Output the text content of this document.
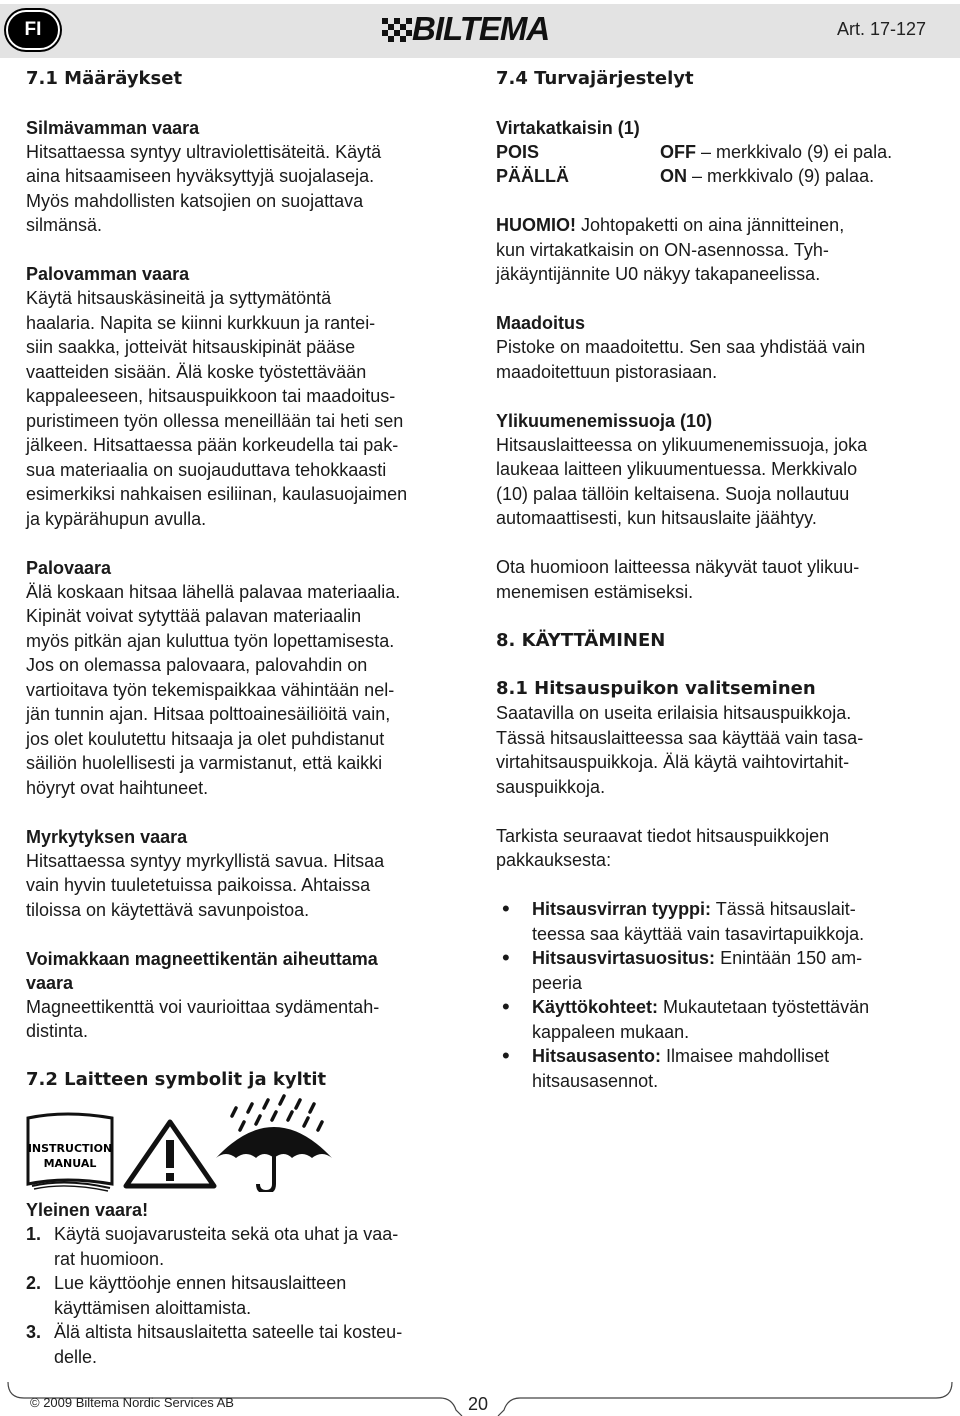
FI	BILTEMA	Art. 17-127
7.1 Määräykset
Silmävamman vaara

Hitsattaessa syntyy ultraviolettisäteitä. Käytä

aina hitsaamiseen hyväksyttyjä suojalaseja.

Myös mahdollisten katsojien on suojattava

silmänsä.

Palovamman vaara

Käytä hitsauskäsineitä ja syttymätöntä

haalaria. Napita se kiinni kurkkuun ja rantei-

siin saakka, jotteivät hitsauskipinät pääse

vaatteiden sisään. Älä koske työstettävään

kappaleeseen, hitsauspuikkoon tai maadoitus-

puristimeen työn ollessa meneillään tai heti sen

jälkeen. Hitsattaessa pään korkeudella tai pak-

sua materiaalia on suojauduttava tehokkaasti

esimerkiksi nahkaisen esiliinan, kaulasuojaimen

ja kypärähupun avulla.

Palovaara

Älä koskaan hitsaa lähellä palavaa materiaalia.

Kipinät voivat sytyttää palavan materiaalin

myös pitkän ajan kuluttua työn lopettamisesta.

Jos on olemassa palovaara, palovahdin on

vartioitava työn tekemispaikkaa vähintään nel-

jän tunnin ajan. Hitsaa polttoainesäiliöitä vain,

jos olet koulutettu hitsaaja ja olet puhdistanut

säiliön huolellisesti ja varmistanut, että kaikki

höyryt ovat haihtuneet.

Myrkytyksen vaara

Hitsattaessa syntyy myrkyllistä savua. Hitsaa

vain hyvin tuuletetuissa paikoissa. Ahtaissa

tiloissa on käytettävä savunpoistoa.

Voimakkaan magneettikentän aiheuttama
vaara

Magneettikenttä voi vaurioittaa sydämentah-

distinta.

7.2 Laitteen symbolit ja kyltit
INSTRUCTION
MANUAL
Yleinen vaara!
1. Käytä suojavarusteita sekä ota uhat ja vaa-
rat huomioon.
2. Lue käyttöohje ennen hitsauslaitteen
käyttämisen aloittamista.
3. Älä altista hitsauslaitetta sateelle tai kosteu-
delle.
7.4 Turvajärjestelyt
Virtakatkaisin (1)
POIS	OFF – merkkivalo (9) ei pala.
PÄÄLLÄ	ON – merkkivalo (9) palaa.

HUOMIO! Johtopaketti on aina jännitteinen,

kun virtakatkaisin on ON-asennossa. Tyh-

jäkäyntijännite U0 näkyy takapaneelissa.

Maadoitus

Pistoke on maadoitettu. Sen saa yhdistää vain

maadoitettuun pistorasiaan.

Ylikuumenemissuoja (10)

Hitsauslaitteessa on ylikuumenemissuoja, joka

laukeaa laitteen ylikuumentuessa. Merkkivalo

(10) palaa tällöin keltaisena. Suoja nollautuu

automaattisesti, kun hitsauslaite jäähtyy.

Ota huomioon laitteessa näkyvät tauot ylikuu-

menemisen estämiseksi.

8. KÄYTTÄMINEN
8.1 Hitsauspuikon valitseminen

Saatavilla on useita erilaisia hitsauspuikkoja.

Tässä hitsauslaitteessa saa käyttää vain tasa-

virtahitsauspuikkoja. Älä käytä vaihtovirtahit-

sauspuikkoja.

Tarkista seuraavat tiedot hitsauspuikkojen

pakkauksesta:

• Hitsausvirran tyyppi: Tässä hitsauslait-
teessa saa käyttää vain tasavirtapuikkoja.
• Hitsausvirtasuositus: Enintään 150 am-
peeria
• Käyttökohteet: Mukautetaan työstettävän
kappaleen mukaan.
• Hitsausasento: Ilmaisee mahdolliset
hitsausasennot.
© 2009 Biltema Nordic Services AB	20
